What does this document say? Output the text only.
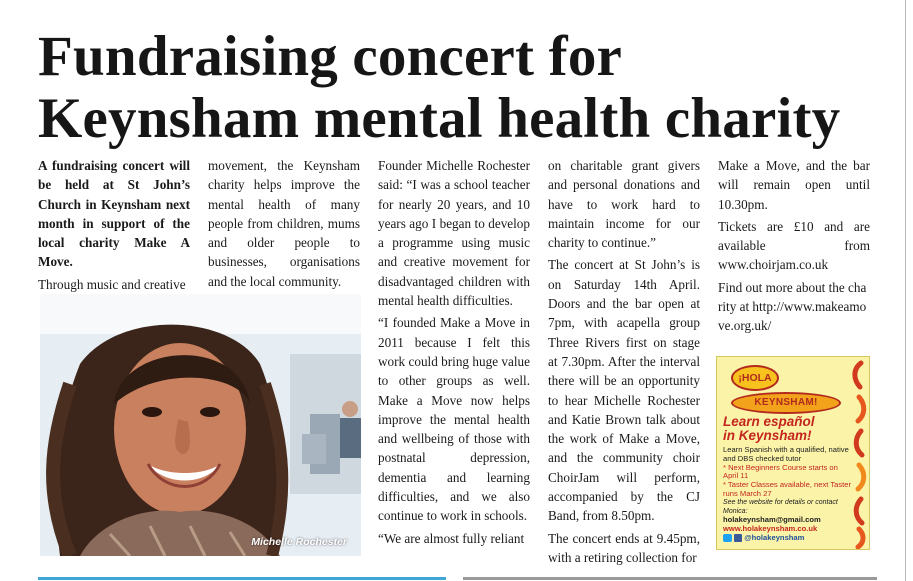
Fundraising concert for
Keynsham mental health charity

A fundraising concert will be held at St John’s Church in Keynsham next month in support of the local charity Make A Move.

Through music and creative

Michelle Rochester

movement, the Keynsham charity helps improve the mental health of many people from children, mums and older people to businesses, organisations and the local community.

Founder Michelle Rochester said: “I was a school teacher for nearly 20 years, and 10 years ago I began to develop a programme using music and creative movement for disadvantaged children with mental health difficulties.

“I founded Make a Move in 2011 because I felt this work could bring huge value to other groups as well. Make a Move now helps improve the mental health and wellbeing of those with postnatal depression, dementia and learning difficulties, and we also continue to work in schools.

“We are almost fully reliant

on charitable grant givers and personal donations and have to work hard to maintain income for our charity to continue.”

The concert at St John’s is on Saturday 14th April. Doors and the bar open at 7pm, with acapella group Three Rivers first on stage at 7.30pm. After the interval there will be an opportunity to hear Michelle Rochester and Katie Brown talk about the work of Make a Move, and the community choir ChoirJam will perform, accompanied by the CJ Band, from 8.50pm.

The concert ends at 9.45pm, with a retiring collection for

Make a Move, and the bar will remain open until 10.30pm.

Tickets are £10 and are available from www.choirjam.co.uk

Find out more about the charity at http://www.makeamove.org.uk/

¡HOLA
KEYNSHAM!
Learn español
in Keynsham!
Learn Spanish with a qualified, native and DBS checked tutor
* Next Beginners Course starts on April 11
* Taster Classes available, next Taster runs March 27
See the website for details or contact Monica:
holakeynsham@gmail.com
www.holakeynsham.co.uk
@holakeynsham
